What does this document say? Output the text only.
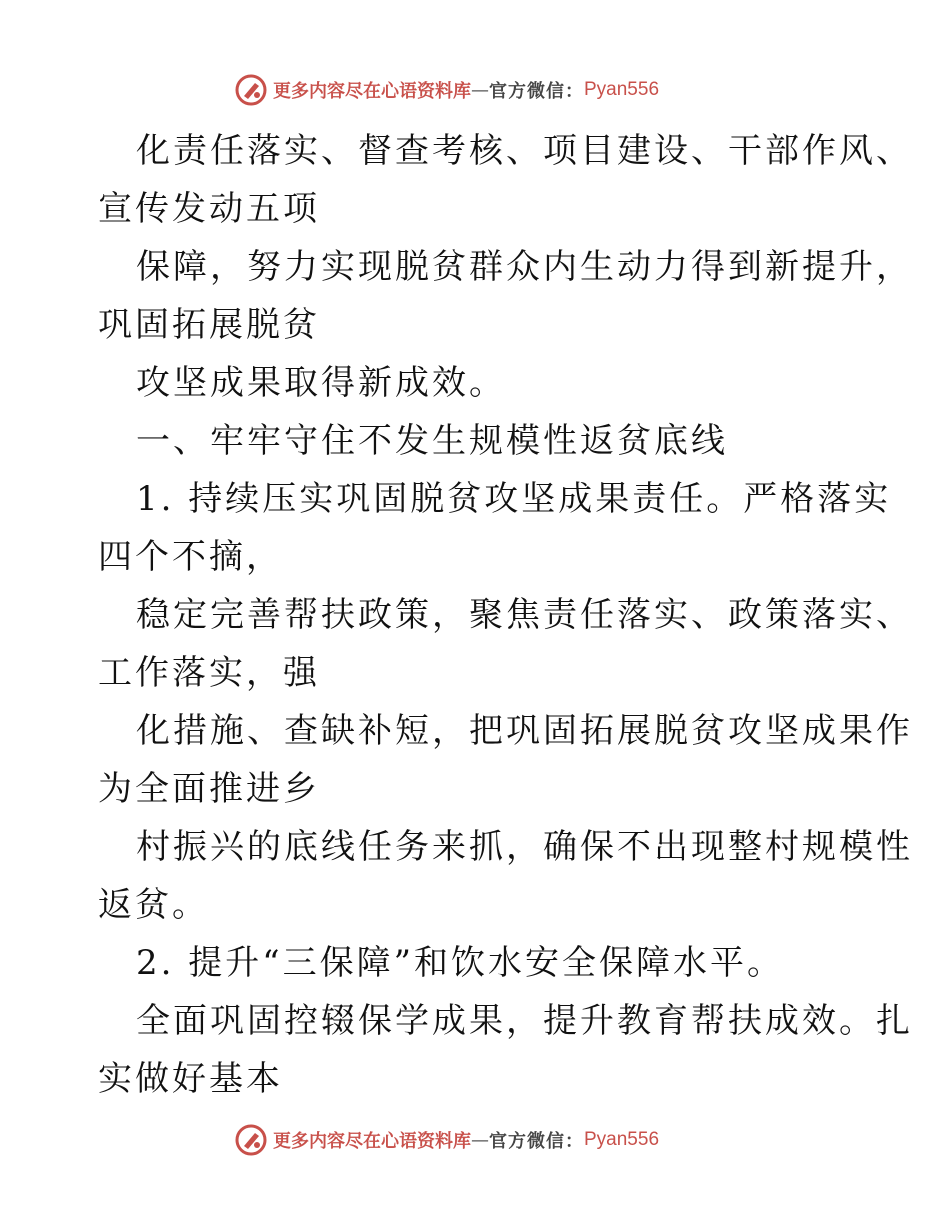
更多内容尽在心语资料库 — 官方微信： Pyan556
化责任落实、督查考核、项目建设、干部作风、
宣传发动五项
保障，努力实现脱贫群众内生动力得到新提升，
巩固拓展脱贫
攻坚成果取得新成效。
一、牢牢守住不发生规模性返贫底线
1. 持续压实巩固脱贫攻坚成果责任。严格落实
四个不摘，
稳定完善帮扶政策，聚焦责任落实、政策落实、
工作落实，强
化措施、查缺补短，把巩固拓展脱贫攻坚成果作
为全面推进乡
村振兴的底线任务来抓，确保不出现整村规模性
返贫。
2. 提升“三保障”和饮水安全保障水平。
全面巩固控辍保学成果，提升教育帮扶成效。扎
实做好基本
更多内容尽在心语资料库 — 官方微信： Pyan556
